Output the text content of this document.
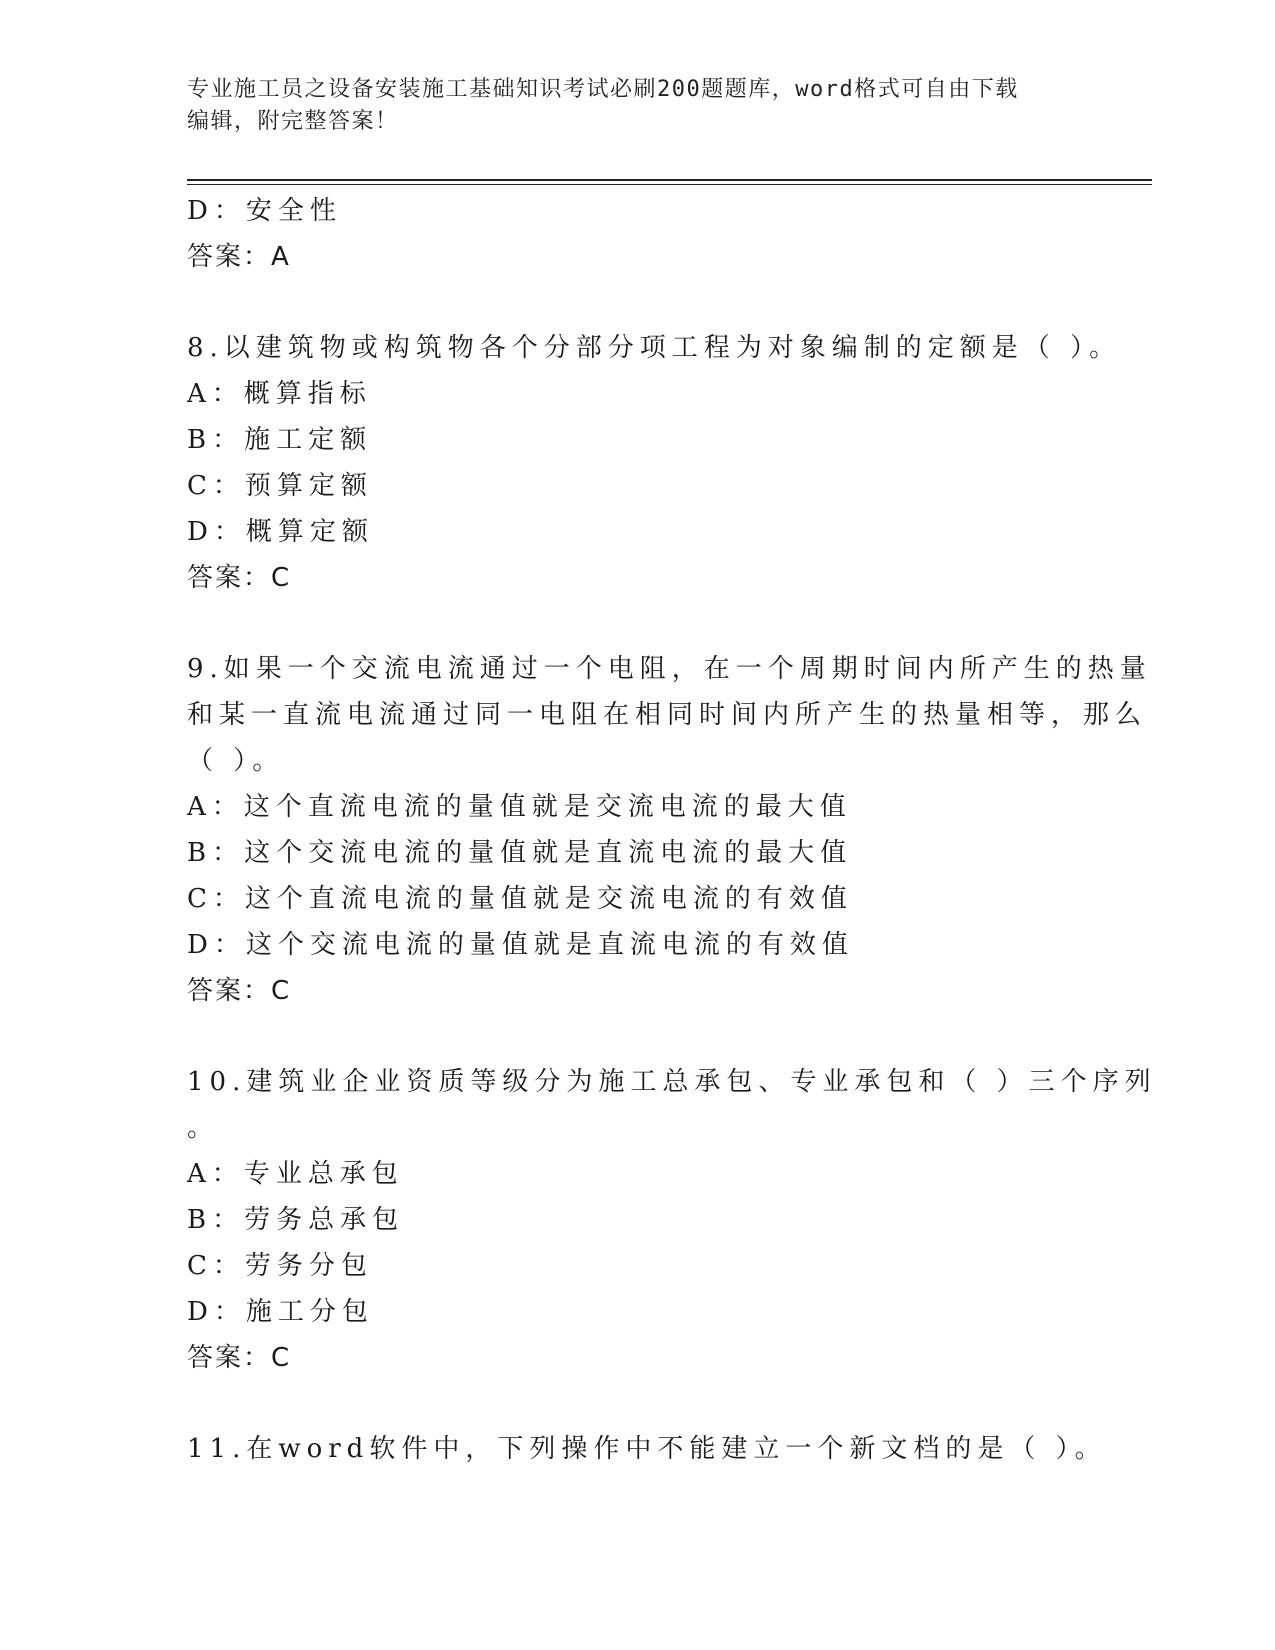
专业施工员之设备安装施工基础知识考试必刷200题题库，word格式可自由下载
编辑，附完整答案！
D：安全性
答案：A
8.以建筑物或构筑物各个分部分项工程为对象编制的定额是（ ）。
A：概算指标
B：施工定额
C：预算定额
D：概算定额
答案：C
9.如果一个交流电流通过一个电阻，在一个周期时间内所产生的热量
和某一直流电流通过同一电阻在相同时间内所产生的热量相等，那么
（ ）。
A：这个直流电流的量值就是交流电流的最大值
B：这个交流电流的量值就是直流电流的最大值
C：这个直流电流的量值就是交流电流的有效值
D：这个交流电流的量值就是直流电流的有效值
答案：C
10.建筑业企业资质等级分为施工总承包、专业承包和（ ）三个序列
。
A：专业总承包
B：劳务总承包
C：劳务分包
D：施工分包
答案：C
11.在word软件中，下列操作中不能建立一个新文档的是（ ）。
